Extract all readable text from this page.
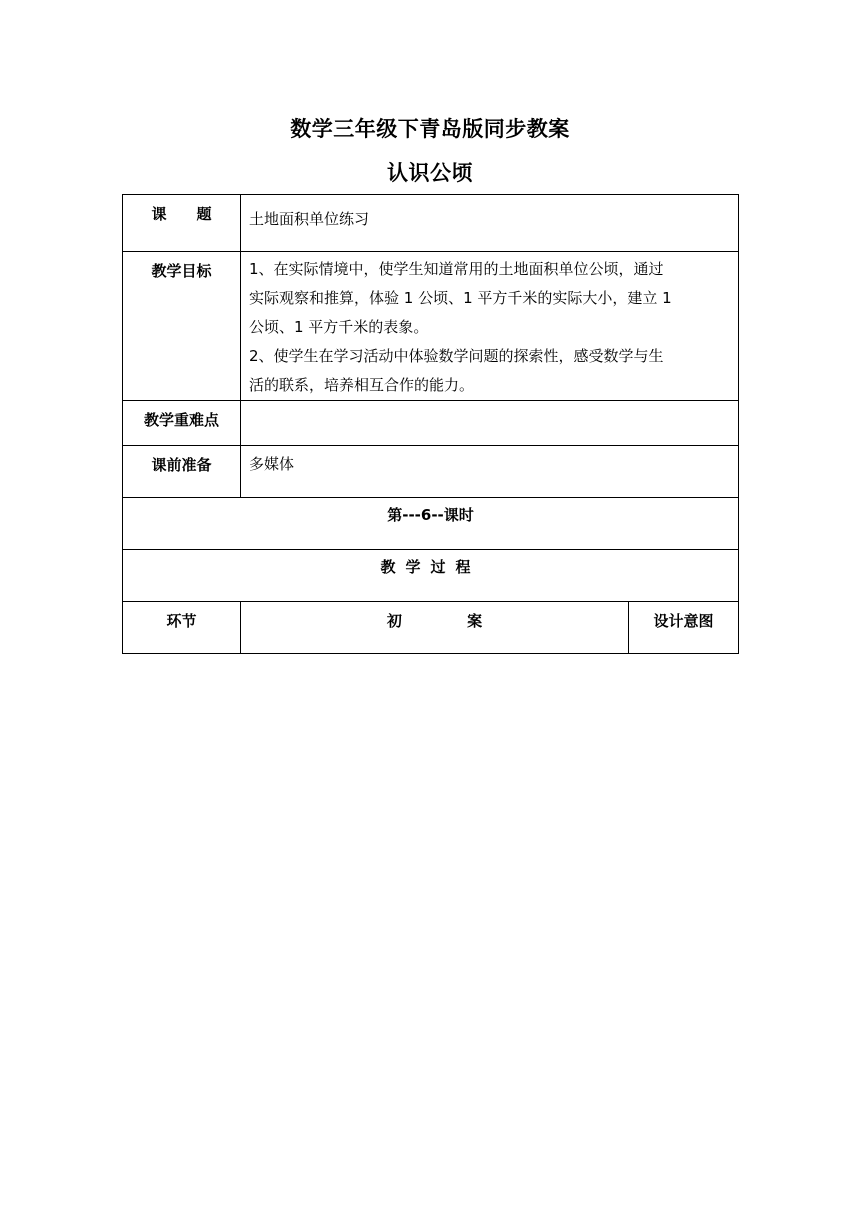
数学三年级下青岛版同步教案
认识公顷
课　　题	土地面积单位练习	
教学目标	1、在实际情境中，使学生知道常用的土地面积单位公顷，通过

实际观察和推算，体验 1 公顷、1 平方千米的实际大小，建立 1

公顷、1 平方千米的表象。

2、使学生在学习活动中体验数学问题的探索性，感受数学与生

活的联系，培养相互合作的能力。	

教学重难点		
课前准备	多媒体	
第---6--课时		
教学过程		
环节	初 案	设计意图
